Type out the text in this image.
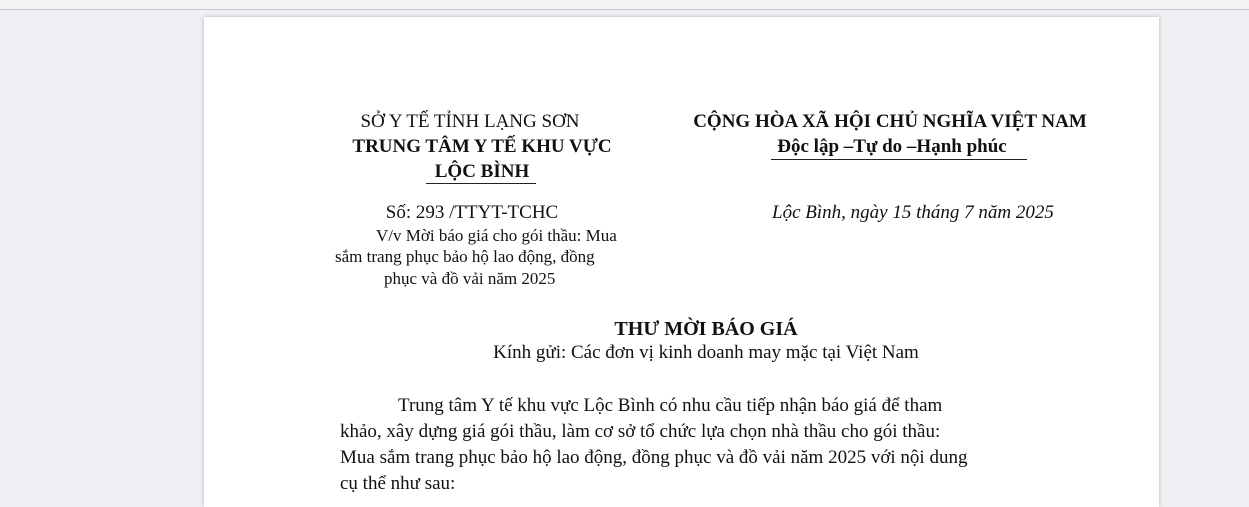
SỞ Y TẾ TỈNH LẠNG SƠN
TRUNG TÂM Y TẾ KHU VỰC
LỘC BÌNH
CỘNG HÒA XÃ HỘI CHỦ NGHĨA VIỆT NAM
Độc lập –Tự do –Hạnh phúc
Số: 293 /TTYT-TCHC	Lộc Bình, ngày 15 tháng 7 năm 2025
V/v Mời báo giá cho gói thầu: Mua
sắm trang phục bảo hộ lao động, đồng
phục và đồ vải năm 2025
THƯ MỜI BÁO GIÁ
Kính gửi: Các đơn vị kinh doanh may mặc tại Việt Nam
Trung tâm Y tế khu vực Lộc Bình có nhu cầu tiếp nhận báo giá để tham
khảo, xây dựng giá gói thầu, làm cơ sở tổ chức lựa chọn nhà thầu cho gói thầu:
Mua sắm trang phục bảo hộ lao động, đồng phục và đồ vải năm 2025 với nội dung
cụ thể như sau:
